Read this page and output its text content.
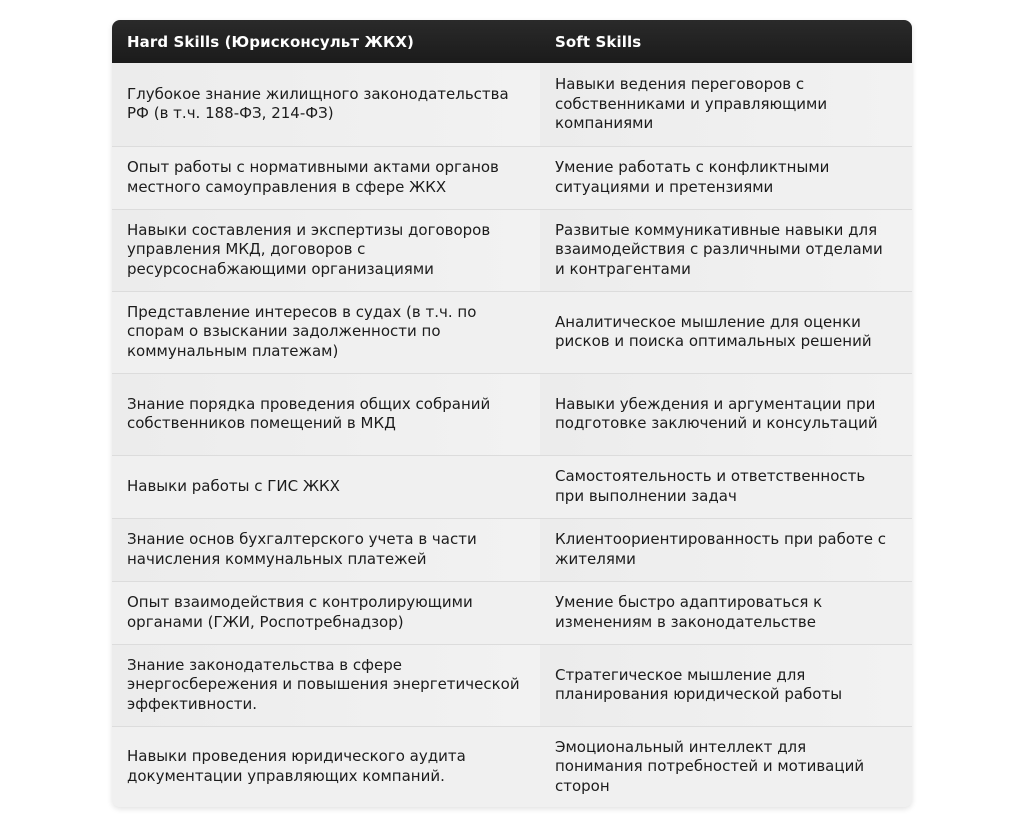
Hard Skills (Юрисконсульт ЖКХ)	Soft Skills
Глубокое знание жилищного законодательства РФ (в т.ч. 188-ФЗ, 214-ФЗ)	Навыки ведения переговоров с собственниками и управляющими компаниями
Опыт работы с нормативными актами органов местного самоуправления в сфере ЖКХ	Умение работать с конфликтными ситуациями и претензиями
Навыки составления и экспертизы договоров управления МКД, договоров с ресурсоснабжающими организациями	Развитые коммуникативные навыки для взаимодействия с различными отделами и контрагентами
Представление интересов в судах (в т.ч. по спорам о взыскании задолженности по коммунальным платежам)	Аналитическое мышление для оценки рисков и поиска оптимальных решений
Знание порядка проведения общих собраний собственников помещений в МКД	Навыки убеждения и аргументации при подготовке заключений и консультаций
Навыки работы с ГИС ЖКХ	Самостоятельность и ответственность при выполнении задач
Знание основ бухгалтерского учета в части начисления коммунальных платежей	Клиентоориентированность при работе с жителями
Опыт взаимодействия с контролирующими органами (ГЖИ, Роспотребнадзор)	Умение быстро адаптироваться к изменениям в законодательстве
Знание законодательства в сфере энергосбережения и повышения энергетической эффективности.	Стратегическое мышление для планирования юридической работы
Навыки проведения юридического аудита документации управляющих компаний.	Эмоциональный интеллект для понимания потребностей и мотиваций сторон
